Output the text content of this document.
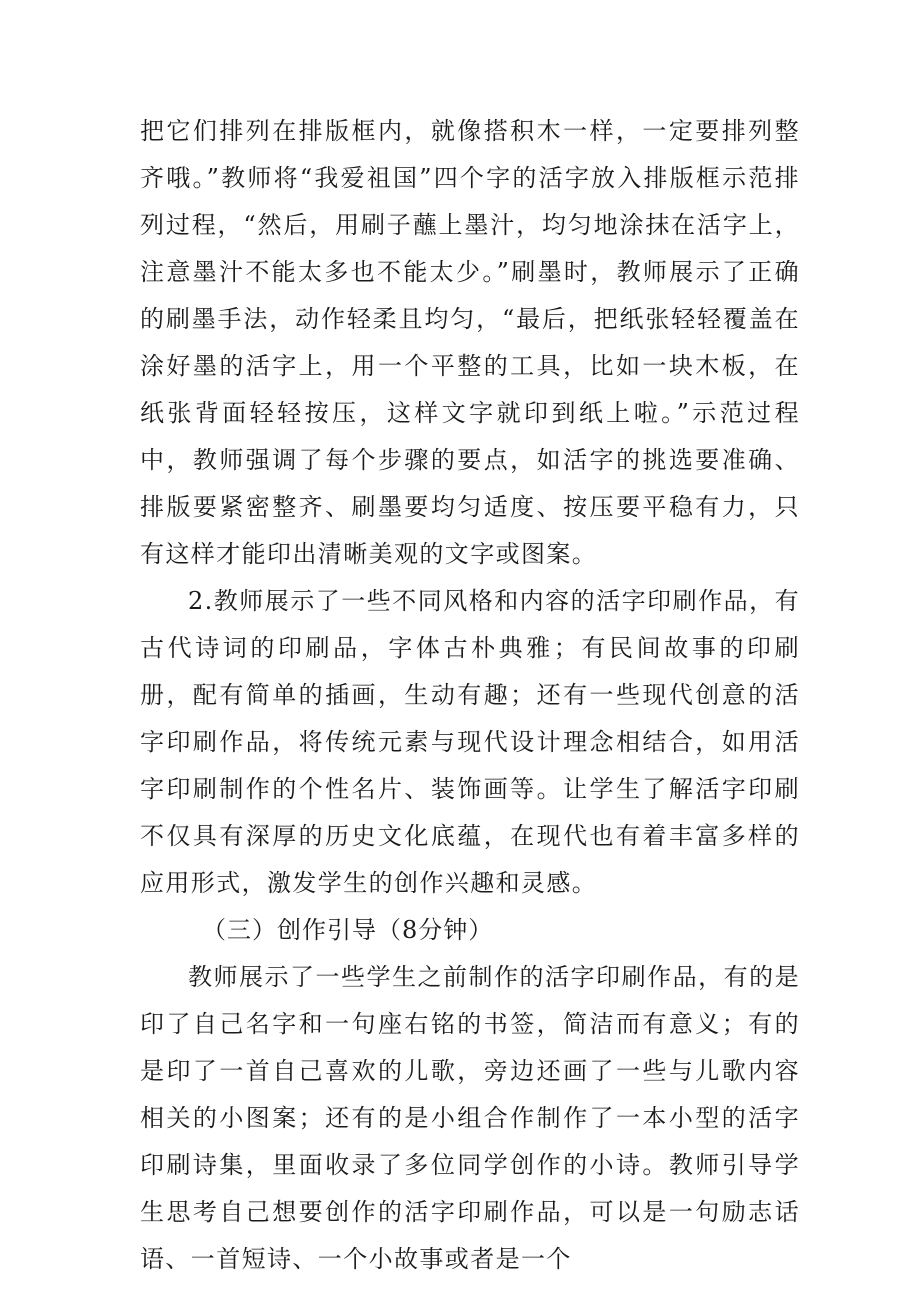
把它们排列在排版框内，就像搭积木一样，一定要排列整齐哦。”教师将“我爱祖国”四个字的活字放入排版框示范排列过程，“然后，用刷子蘸上墨汁，均匀地涂抹在活字上，注意墨汁不能太多也不能太少。”刷墨时，教师展示了正确的刷墨手法，动作轻柔且均匀，“最后，把纸张轻轻覆盖在涂好墨的活字上，用一个平整的工具，比如一块木板，在纸张背面轻轻按压，这样文字就印到纸上啦。”示范过程中，教师强调了每个步骤的要点，如活字的挑选要准确、排版要紧密整齐、刷墨要均匀适度、按压要平稳有力，只有这样才能印出清晰美观的文字或图案。

2.教师展示了一些不同风格和内容的活字印刷作品，有古代诗词的印刷品，字体古朴典雅；有民间故事的印刷册，配有简单的插画，生动有趣；还有一些现代创意的活字印刷作品，将传统元素与现代设计理念相结合，如用活字印刷制作的个性名片、装饰画等。让学生了解活字印刷不仅具有深厚的历史文化底蕴，在现代也有着丰富多样的应用形式，激发学生的创作兴趣和灵感。

（三）创作引导（8分钟）

教师展示了一些学生之前制作的活字印刷作品，有的是印了自己名字和一句座右铭的书签，简洁而有意义；有的是印了一首自己喜欢的儿歌，旁边还画了一些与儿歌内容相关的小图案；还有的是小组合作制作了一本小型的活字印刷诗集，里面收录了多位同学创作的小诗。教师引导学生思考自己想要创作的活字印刷作品，可以是一句励志话语、一首短诗、一个小故事或者是一个
